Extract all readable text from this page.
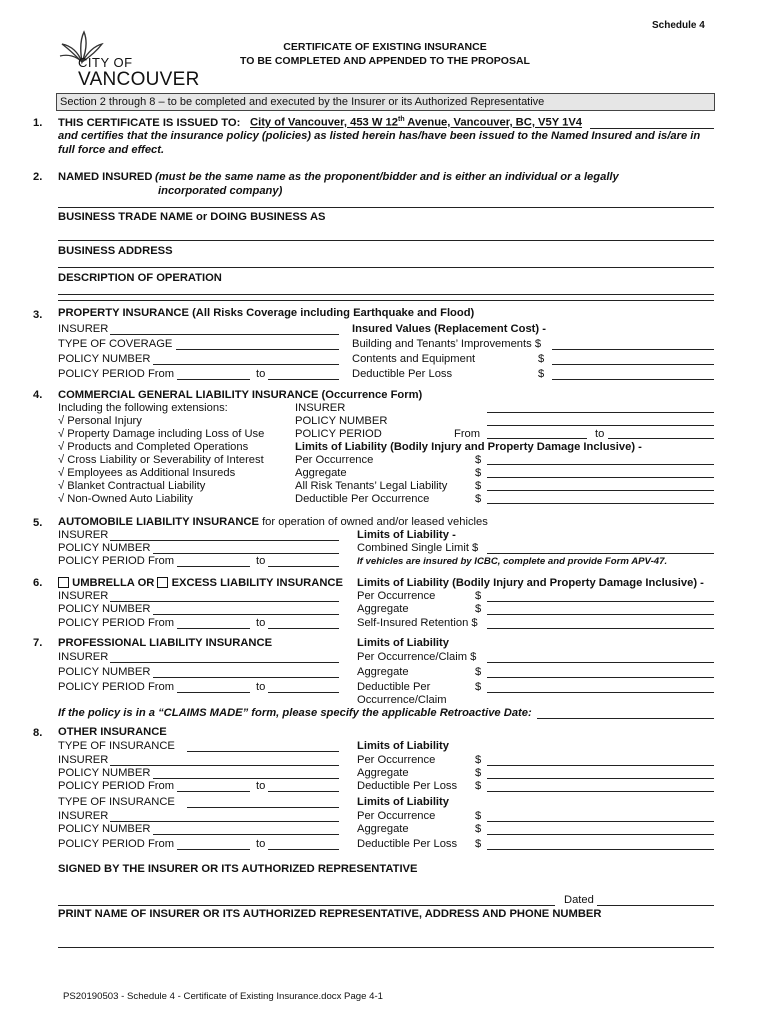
Schedule 4
CITY OF
VANCOUVER
CERTIFICATE OF EXISTING INSURANCE
TO BE COMPLETED AND APPENDED TO THE PROPOSAL
Section 2 through 8 – to be completed and executed by the Insurer or its Authorized Representative
1. THIS CERTIFICATE IS ISSUED TO: City of Vancouver, 453 W 12th Avenue, Vancouver, BC, V5Y 1V4
and certifies that the insurance policy (policies) as listed herein has/have been issued to the Named Insured and is/are in
full force and effect.
2. NAMED INSURED (must be the same name as the proponent/bidder and is either an individual or a legally
incorporated company)
BUSINESS TRADE NAME or DOING BUSINESS AS
BUSINESS ADDRESS
DESCRIPTION OF OPERATION
3. PROPERTY INSURANCE (All Risks Coverage including Earthquake and Flood)
INSURER
TYPE OF COVERAGE
POLICY NUMBER
POLICY PERIOD From	to
Insured Values (Replacement Cost) -
Building and Tenants’ Improvements $
Contents and Equipment	$
Deductible Per Loss	$
4. COMMERCIAL GENERAL LIABILITY INSURANCE (Occurrence Form)
Including the following extensions:
√ Personal Injury
√ Property Damage including Loss of Use
√ Products and Completed Operations
√ Cross Liability or Severability of Interest
√ Employees as Additional Insureds
√ Blanket Contractual Liability
√ Non-Owned Auto Liability
INSURER
POLICY NUMBER
POLICY PERIOD	From	to
Limits of Liability (Bodily Injury and Property Damage Inclusive) -
Per Occurrence	$
Aggregate	$
All Risk Tenants’ Legal Liability $
Deductible Per Occurrence	$
5. AUTOMOBILE LIABILITY INSURANCE for operation of owned and/or leased vehicles
INSURER
POLICY NUMBER
POLICY PERIOD From	to
Limits of Liability -
Combined Single Limit $
If vehicles are insured by ICBC, complete and provide Form APV-47.
6.	UMBRELLA OR EXCESS LIABILITY INSURANCE Limits of Liability (Bodily Injury and Property Damage Inclusive) -
INSURER
POLICY NUMBER
POLICY PERIOD From	to
Per Occurrence	$
Aggregate	$
Self-Insured Retention $
7. PROFESSIONAL LIABILITY INSURANCE
INSURER
POLICY NUMBER
POLICY PERIOD From	to
Limits of Liability
Per Occurrence/Claim $
Aggregate	$
Deductible Per	$
Occurrence/Claim
If the policy is in a “CLAIMS MADE” form, please specify the applicable Retroactive Date:
8. OTHER INSURANCE
TYPE OF INSURANCE
INSURER
POLICY NUMBER
POLICY PERIOD From	to
Limits of Liability
Per Occurrence	$
Aggregate	$
Deductible Per Loss $
TYPE OF INSURANCE
INSURER
POLICY NUMBER
POLICY PERIOD From	to
Limits of Liability
Per Occurrence	$
Aggregate	$
Deductible Per Loss $
SIGNED BY THE INSURER OR ITS AUTHORIZED REPRESENTATIVE
Dated
PRINT NAME OF INSURER OR ITS AUTHORIZED REPRESENTATIVE, ADDRESS AND PHONE NUMBER
PS20190503 - Schedule 4 - Certificate of Existing Insurance.docx Page 4-1
